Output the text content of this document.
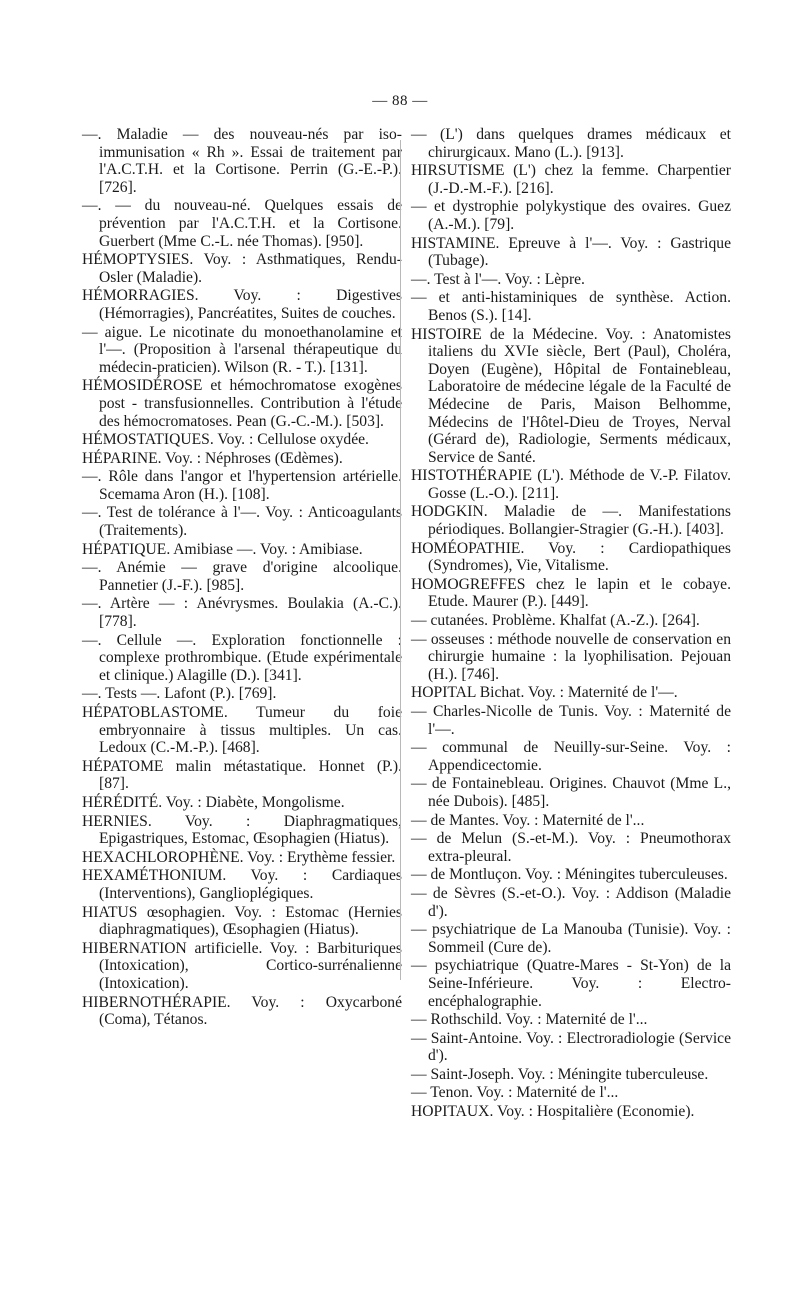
— 88 —

—. Maladie — des nouveau-nés par iso-immunisation « Rh ». Essai de traitement par l'A.C.T.H. et la Cortisone. Perrin (G.-E.-P.). [726].

—. — du nouveau-né. Quelques essais de prévention par l'A.C.T.H. et la Cortisone. Guerbert (Mme C.-L. née Thomas). [950].

HÉMOPTYSIES. Voy. : Asthmatiques, Rendu-Osler (Maladie).

HÉMORRAGIES. Voy. : Digestives (Hémorragies), Pancréatites, Suites de couches.

— aigue. Le nicotinate du monoethanolamine et l'—. (Proposition à l'arsenal thérapeutique du médecin-praticien). Wilson (R. - T.). [131].

HÉMOSIDÉROSE et hémochromatose exogènes post - transfusionnelles. Contribution à l'étude des hémocromatoses. Pean (G.-C.-M.). [503].

HÉMOSTATIQUES. Voy. : Cellulose oxydée.

HÉPARINE. Voy. : Néphroses (Œdèmes).

—. Rôle dans l'angor et l'hypertension artérielle. Scemama Aron (H.). [108].

—. Test de tolérance à l'—. Voy. : Anticoagulants (Traitements).

HÉPATIQUE. Amibiase —. Voy. : Amibiase.

—. Anémie — grave d'origine alcoolique. Pannetier (J.-F.). [985].

—. Artère — : Anévrysmes. Boulakia (A.-C.). [778].

—. Cellule —. Exploration fonctionnelle : complexe prothrombique. (Etude expérimentale et clinique.) Alagille (D.). [341].

—. Tests —. Lafont (P.). [769].

HÉPATOBLASTOME. Tumeur du foie embryonnaire à tissus multiples. Un cas. Ledoux (C.-M.-P.). [468].

HÉPATOME malin métastatique. Honnet (P.). [87].

HÉRÉDITÉ. Voy. : Diabète, Mongolisme.

HERNIES. Voy. : Diaphragmatiques, Epigastriques, Estomac, Œsophagien (Hiatus).

HEXACHLOROPHÈNE. Voy. : Erythème fessier.

HEXAMÉTHONIUM. Voy. : Cardiaques (Interventions), Ganglioplégiques.

HIATUS œsophagien. Voy. : Estomac (Hernies diaphragmatiques), Œsophagien (Hiatus).

HIBERNATION artificielle. Voy. : Barbituriques (Intoxication), Cortico-surrénalienne (Intoxication).

HIBERNOTHÉRAPIE. Voy. : Oxycarboné (Coma), Tétanos.

— (L') dans quelques drames médicaux et chirurgicaux. Mano (L.). [913].

HIRSUTISME (L') chez la femme. Charpentier (J.-D.-M.-F.). [216].

— et dystrophie polykystique des ovaires. Guez (A.-M.). [79].

HISTAMINE. Epreuve à l'—. Voy. : Gastrique (Tubage).

—. Test à l'—. Voy. : Lèpre.

— et anti-histaminiques de synthèse. Action. Benos (S.). [14].

HISTOIRE de la Médecine. Voy. : Anatomistes italiens du XVIe siècle, Bert (Paul), Choléra, Doyen (Eugène), Hôpital de Fontainebleau, Laboratoire de médecine légale de la Faculté de Médecine de Paris, Maison Belhomme, Médecins de l'Hôtel-Dieu de Troyes, Nerval (Gérard de), Radiologie, Serments médicaux, Service de Santé.

HISTOTHÉRAPIE (L'). Méthode de V.-P. Filatov. Gosse (L.-O.). [211].

HODGKIN. Maladie de —. Manifestations périodiques. Bollangier-Stragier (G.-H.). [403].

HOMÉOPATHIE. Voy. : Cardiopathiques (Syndromes), Vie, Vitalisme.

HOMOGREFFES chez le lapin et le cobaye. Etude. Maurer (P.). [449].

— cutanées. Problème. Khalfat (A.-Z.). [264].

— osseuses : méthode nouvelle de conservation en chirurgie humaine : la lyophilisation. Pejouan (H.). [746].

HOPITAL Bichat. Voy. : Maternité de l'—.

— Charles-Nicolle de Tunis. Voy. : Maternité de l'—.

— communal de Neuilly-sur-Seine. Voy. : Appendicectomie.

— de Fontainebleau. Origines. Chauvot (Mme L., née Dubois). [485].

— de Mantes. Voy. : Maternité de l'...

— de Melun (S.-et-M.). Voy. : Pneumothorax extra-pleural.

— de Montluçon. Voy. : Méningites tuberculeuses.

— de Sèvres (S.-et-O.). Voy. : Addison (Maladie d').

— psychiatrique de La Manouba (Tunisie). Voy. : Sommeil (Cure de).

— psychiatrique (Quatre-Mares - St-Yon) de la Seine-Inférieure. Voy. : Electro-encéphalographie.

— Rothschild. Voy. : Maternité de l'...

— Saint-Antoine. Voy. : Electroradiologie (Service d').

— Saint-Joseph. Voy. : Méningite tuberculeuse.

— Tenon. Voy. : Maternité de l'...

HOPITAUX. Voy. : Hospitalière (Economie).
